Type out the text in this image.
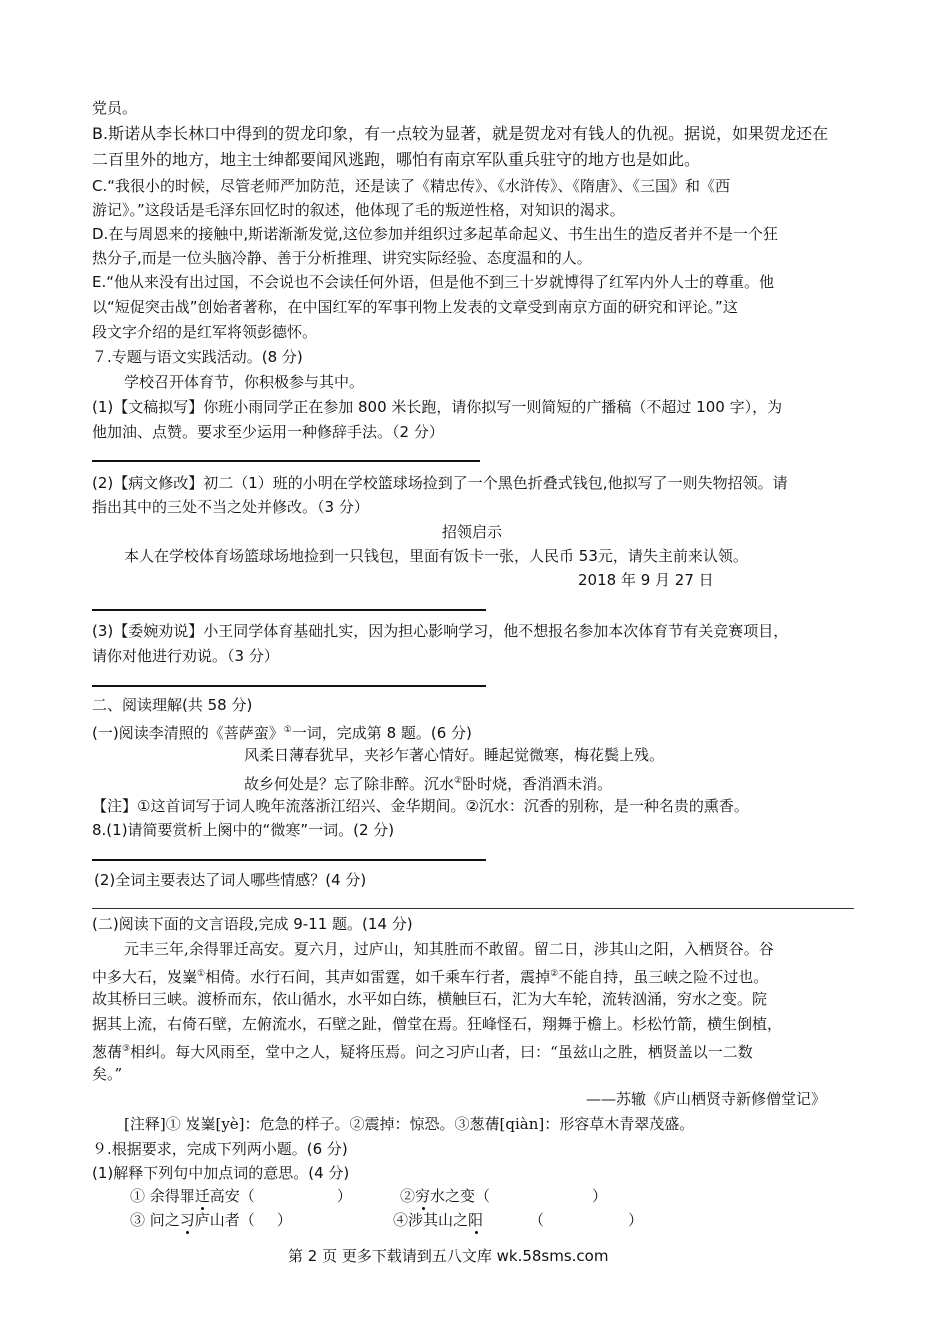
党员。
B.斯诺从李长林口中得到的贺龙印象，有一点较为显著，就是贺龙对有钱人的仇视。据说，如果贺龙还在
二百里外的地方，地主士绅都要闻风逃跑，哪怕有南京军队重兵驻守的地方也是如此。
C.“我很小的时候，尽管老师严加防范，还是读了《精忠传》、《水浒传》、《隋唐》、《三国》和《西
游记》。”这段话是毛泽东回忆时的叙述，他体现了毛的叛逆性格，对知识的渴求。
D.在与周恩来的接触中,斯诺渐渐发觉,这位参加并组织过多起革命起义、书生出生的造反者并不是一个狂
热分子,而是一位头脑冷静、善于分析推理、讲究实际经验、态度温和的人。
E.“他从来没有出过国，不会说也不会读任何外语，但是他不到三十岁就博得了红军内外人士的尊重。他
以“短促突击战”创始者著称，在中国红军的军事刊物上发表的文章受到南京方面的研究和评论。”这
段文字介绍的是红军将领彭德怀。
７.专题与语文实践活动。(8 分)
学校召开体育节，你积极参与其中。
(1)【文稿拟写】你班小雨同学正在参加 800 米长跑，请你拟写一则简短的广播稿（不超过 100 字），为
他加油、点赞。要求至少运用一种修辞手法。（2 分）
(2)【病文修改】初二（1）班的小明在学校篮球场捡到了一个黑色折叠式钱包,他拟写了一则失物招领。请
指出其中的三处不当之处并修改。（3 分）
招领启示
本人在学校体育场篮球场地捡到一只钱包，里面有饭卡一张，人民币 53元，请失主前来认领。
2018 年 9 月 27 日
(3)【委婉劝说】小王同学体育基础扎实，因为担心影响学习，他不想报名参加本次体育节有关竞赛项目，
请你对他进行劝说。（3 分）
二、阅读理解(共 58 分)
(一)阅读李清照的《菩萨蛮》①一词，完成第 8 题。(6 分)
风柔日薄春犹早，夹衫乍著心情好。睡起觉微寒，梅花鬓上残。
故乡何处是？忘了除非醉。沉水②卧时烧，香消酒未消。
【注】①这首词写于词人晚年流落浙江绍兴、金华期间。②沉水：沉香的别称，是一种名贵的熏香。
8.(1)请简要赏析上阕中的“微寒”一词。(2 分)
(2)全词主要表达了词人哪些情感？(4 分)
(二)阅读下面的文言语段,完成 9-11 题。(14 分)
元丰三年,余得罪迁高安。夏六月，过庐山，知其胜而不敢留。留二日，涉其山之阳，入栖贤谷。谷
中多大石，岌嶪①相倚。水行石间，其声如雷霆，如千乘车行者，震掉②不能自持，虽三峡之险不过也。
故其桥曰三峡。渡桥而东，依山循水，水平如白练，横触巨石，汇为大车轮，流转汹涌，穷水之变。院
据其上流，右倚石壁，左俯流水，石壁之趾，僧堂在焉。狂峰怪石，翔舞于檐上。杉松竹箭，横生倒植，
葱蒨③相纠。每大风雨至，堂中之人，疑将压焉。问之习庐山者，曰：“虽兹山之胜，栖贤盖以一二数
矣。”
——苏辙《庐山栖贤寺新修僧堂记》
[注释]① 岌嶪[yè]：危急的样子。②震掉：惊恐。③葱蒨[qiàn]：形容草木青翠茂盛。
９.根据要求，完成下列两小题。(6 分)
(1)解释下列句中加点词的意思。(4 分)
① 余得罪迁高安（	）	②穷水之变（	）
③ 问之习庐山者（ ）	④涉其山之阳	（	）
第 2 页 更多下载请到五八文库 wk.58sms.com
